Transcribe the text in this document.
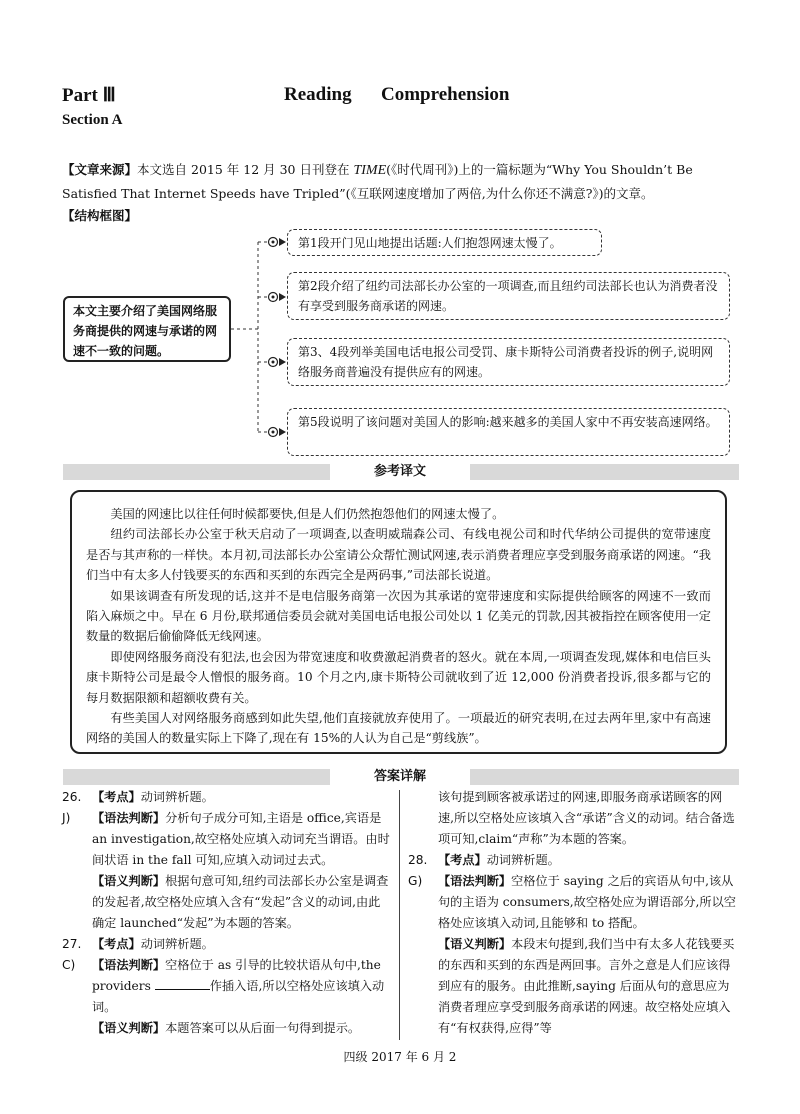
Part Ⅲ	Reading Comprehension
Section A
【文章来源】本文选自 2015 年 12 月 30 日刊登在 TIME(《时代周刊》)上的一篇标题为“Why You Shouldn’t Be Satisfied That Internet Speeds have Tripled”(《互联网速度增加了两倍,为什么你还不满意?》)的文章。
【结构框图】
本文主要介绍了美国网络服务商提供的网速与承诺的网速不一致的问题。
第1段开门见山地提出话题:人们抱怨网速太慢了。
第2段介绍了纽约司法部长办公室的一项调查,而且纽约司法部长也认为消费者没有享受到服务商承诺的网速。
第3、4段列举美国电话电报公司受罚、康卡斯特公司消费者投诉的例子,说明网络服务商普遍没有提供应有的网速。
第5段说明了该问题对美国人的影响:越来越多的美国人家中不再安装高速网络。
参考译文

美国的网速比以往任何时候都要快,但是人们仍然抱怨他们的网速太慢了。

纽约司法部长办公室于秋天启动了一项调查,以查明威瑞森公司、有线电视公司和时代华纳公司提供的宽带速度是否与其声称的一样快。本月初,司法部长办公室请公众帮忙测试网速,表示消费者理应享受到服务商承诺的网速。“我们当中有太多人付钱要买的东西和买到的东西完全是两码事,”司法部长说道。

如果该调查有所发现的话,这并不是电信服务商第一次因为其承诺的宽带速度和实际提供给顾客的网速不一致而陷入麻烦之中。早在 6 月份,联邦通信委员会就对美国电话电报公司处以 1 亿美元的罚款,因其被指控在顾客使用一定数量的数据后偷偷降低无线网速。

即使网络服务商没有犯法,也会因为带宽速度和收费激起消费者的怒火。就在本周,一项调查发现,媒体和电信巨头康卡斯特公司是最令人憎恨的服务商。10 个月之内,康卡斯特公司就收到了近 12,000 份消费者投诉,很多都与它的每月数据限额和超额收费有关。

有些美国人对网络服务商感到如此失望,他们直接就放弃使用了。一项最近的研究表明,在过去两年里,家中有高速网络的美国人的数量实际上下降了,现在有 15%的人认为自己是“剪线族”。

答案详解
26. 【考点】动词辨析题。
J)	【语法判断】分析句子成分可知,主语是 office,宾语是 an investigation,故空格处应填入动词充当谓语。由时间状语 in the fall 可知,应填入动词过去式。
【语义判断】根据句意可知,纽约司法部长办公室是调查的发起者,故空格处应填入含有“发起”含义的动词,由此确定 launched“发起”为本题的答案。
27. 【考点】动词辨析题。
C)	【语法判断】空格位于 as 引导的比较状语从句中,the providers	作插入语,所以空格处应该填入动词。
【语义判断】本题答案可以从后面一句得到提示。
该句提到顾客被承诺过的网速,即服务商承诺顾客的网速,所以空格处应该填入含“承诺”含义的动词。结合备选项可知,claim“声称”为本题的答案。
28. 【考点】动词辨析题。
G)	【语法判断】空格位于 saying 之后的宾语从句中,该从句的主语为 consumers,故空格处应为谓语部分,所以空格处应该填入动词,且能够和 to 搭配。
【语义判断】本段末句提到,我们当中有太多人花钱要买的东西和买到的东西是两回事。言外之意是人们应该得到应有的服务。由此推断,saying 后面从句的意思应为消费者理应享受到服务商承诺的网速。故空格处应填入有“有权获得,应得”等
四级 2017 年 6 月 2
